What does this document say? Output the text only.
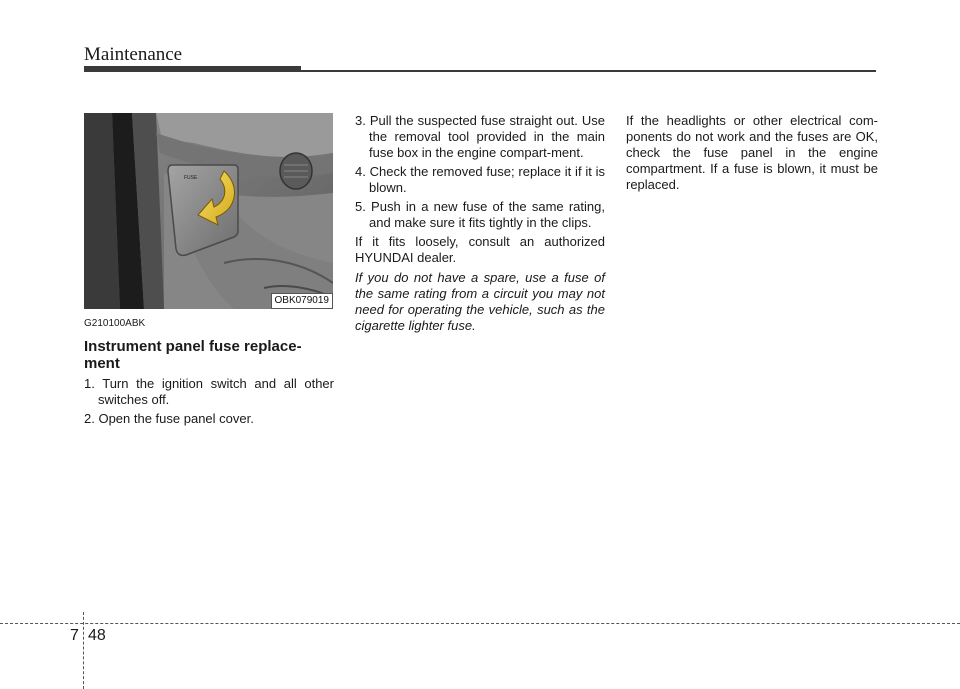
Maintenance
FUSE
OBK079019
G210100ABK
Instrument panel fuse replace-ment
1. Turn the ignition switch and all other switches off.
2. Open the fuse panel cover.
3. Pull the suspected fuse straight out. Use the removal tool provided in the main fuse box in the engine compart-ment.
4. Check the removed fuse; replace it if it is blown.
5. Push in a new fuse of the same rating, and make sure it fits tightly in the clips.
If it fits loosely, consult an authorized HYUNDAI dealer.
If you do not have a spare, use a fuse of the same rating from a circuit you may not need for operating the vehicle, such as the cigarette lighter fuse.
If the headlights or other electrical com-ponents do not work and the fuses are OK, check the fuse panel in the engine compartment. If a fuse is blown, it must be replaced.
7 48
